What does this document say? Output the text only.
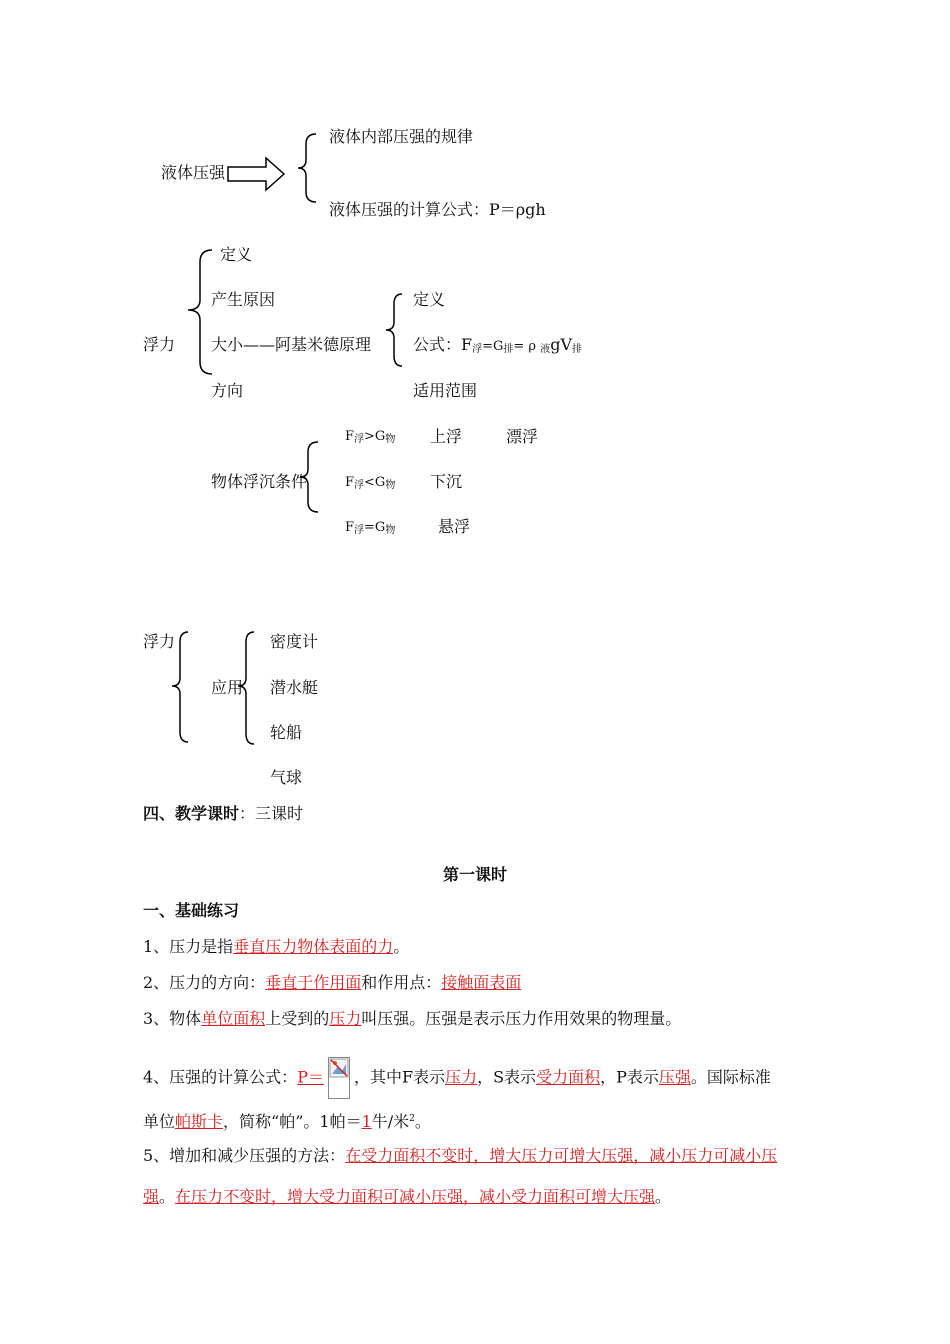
液体压强
液体内部压强的规律
液体压强的计算公式：P＝ρgh
浮力
定义
产生原因
大小——阿基米德原理
方向
定义
公式：$F_浮=G_排= \rho$ $_液gV_排$
适用范围
物体浮沉条件
$F_浮>G_物$ 上浮	漂浮
$F_浮<G_物$ 下沉
$F_浮=G_物$	悬浮
浮力
应用
密度计
潜水艇
轮船
气球
四、教学课时：三课时
第一课时
一、基础练习
1、压力是指垂直压力物体表面的力。
2、压力的方向：垂直于作用面和作用点：接触面表面
3、物体单位面积上受到的压力叫压强。压强是表示压力作用效果的物理量。
4、压强的计算公式：P＝ ，其中F表示压力，S表示受力面积，P表示压强。国际标准
单位帕斯卡，简称“帕”。1帕＝1牛/米$^2$。
5、增加和减少压强的方法：在受力面积不变时，增大压力可增大压强，减小压力可减小压
强。在压力不变时，增大受力面积可减小压强，减小受力面积可增大压强。
